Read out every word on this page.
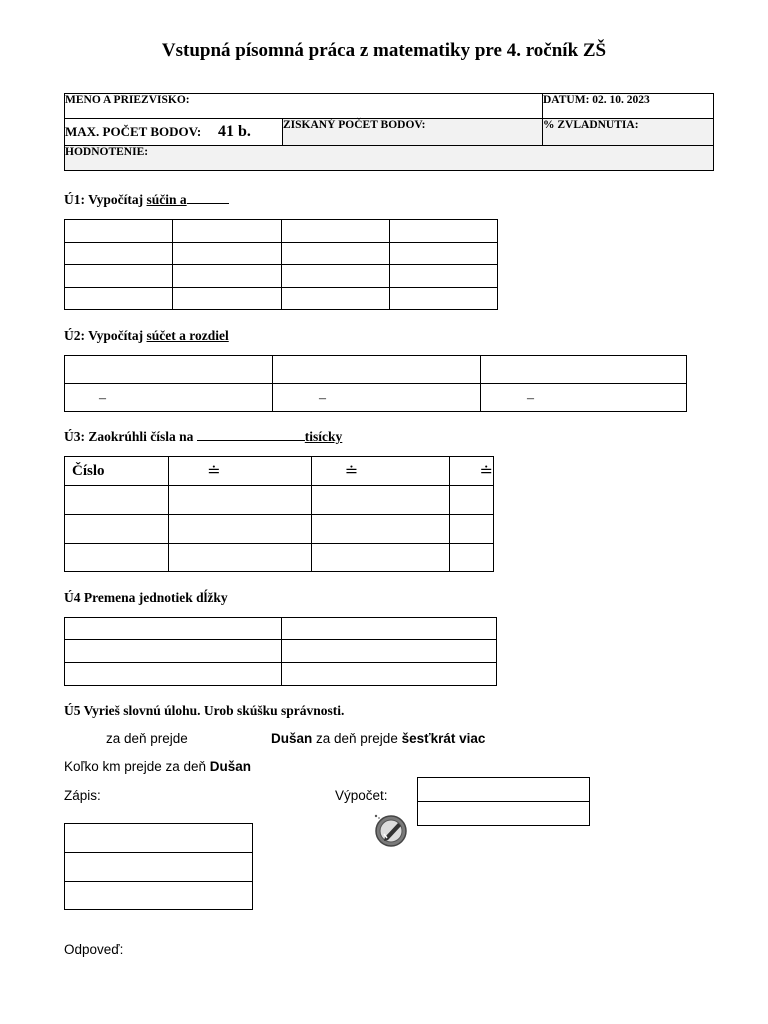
Vstupná písomná práca z matematiky pre 4. ročník ZŠ
MENO A PRIEZVISKO:		DATUM: 02. 10. 2023
MAX. POČET BODOV: 41 b.	ZISKANÝ POČET BODOV:	% ZVLADNUTIA:
HODNOTENIE:		
Ú1: Vypočítaj súčin a

Ú2: Vypočítaj súčet a rozdiel

–	–	–
Ú3: Zaokrúhli čísla na	tisícky
Číslo	≐	≐	≐

Ú4 Premena jednotiek dĺžky

Ú5 Vyrieš slovnú úlohu. Urob skúšku správnosti.
za deň prejde	Dušan za deň prejde šesťkrát viac
Koľko km prejde za deň Dušan
Zápis:	Výpočet:

Odpoveď:
